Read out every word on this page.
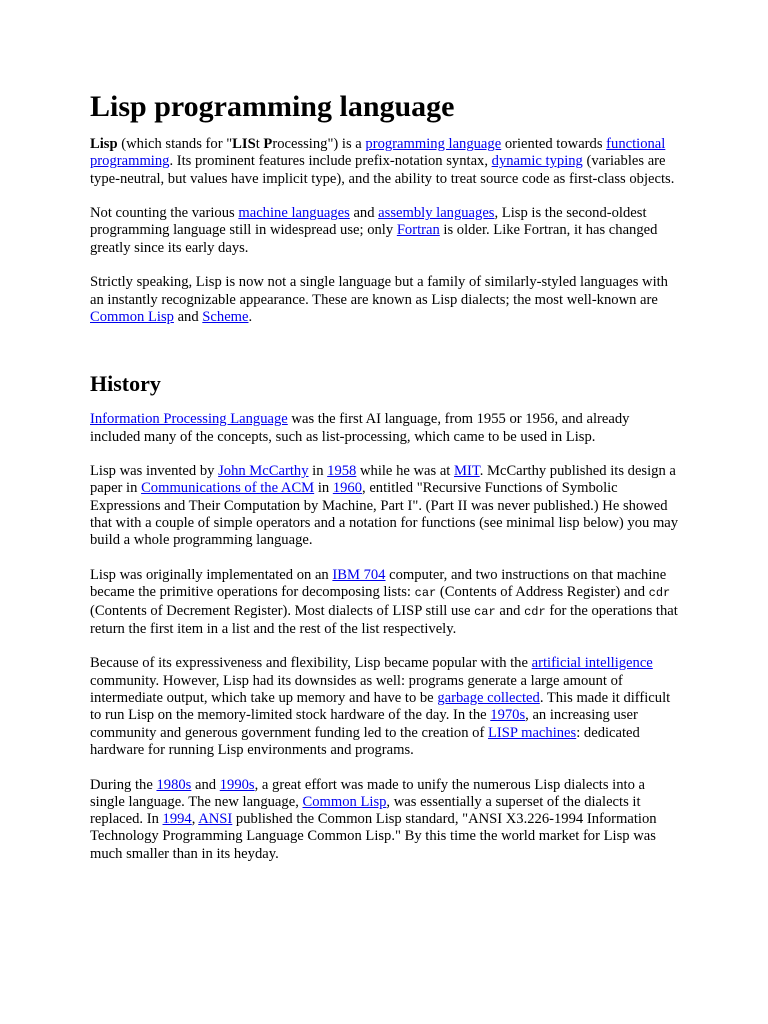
Lisp programming language

Lisp (which stands for "LISt Processing") is a programming language oriented towards functional programming. Its prominent features include prefix-notation syntax, dynamic typing (variables are type-neutral, but values have implicit type), and the ability to treat source code as first-class objects.

Not counting the various machine languages and assembly languages, Lisp is the second-oldest programming language still in widespread use; only Fortran is older. Like Fortran, it has changed greatly since its early days.

Strictly speaking, Lisp is now not a single language but a family of similarly-styled languages with an instantly recognizable appearance. These are known as Lisp dialects; the most well-known are Common Lisp and Scheme.

History

Information Processing Language was the first AI language, from 1955 or 1956, and already included many of the concepts, such as list-processing, which came to be used in Lisp.

Lisp was invented by John McCarthy in 1958 while he was at MIT. McCarthy published its design a paper in Communications of the ACM in 1960, entitled "Recursive Functions of Symbolic Expressions and Their Computation by Machine, Part I". (Part II was never published.) He showed that with a couple of simple operators and a notation for functions (see minimal lisp below) you may build a whole programming language.

Lisp was originally implementated on an IBM 704 computer, and two instructions on that machine became the primitive operations for decomposing lists: car (Contents of Address Register) and cdr (Contents of Decrement Register). Most dialects of LISP still use car and cdr for the operations that return the first item in a list and the rest of the list respectively.

Because of its expressiveness and flexibility, Lisp became popular with the artificial intelligence community. However, Lisp had its downsides as well: programs generate a large amount of intermediate output, which take up memory and have to be garbage collected. This made it difficult to run Lisp on the memory-limited stock hardware of the day. In the 1970s, an increasing user community and generous government funding led to the creation of LISP machines: dedicated hardware for running Lisp environments and programs.

During the 1980s and 1990s, a great effort was made to unify the numerous Lisp dialects into a single language. The new language, Common Lisp, was essentially a superset of the dialects it replaced. In 1994, ANSI published the Common Lisp standard, "ANSI X3.226-1994 Information Technology Programming Language Common Lisp." By this time the world market for Lisp was much smaller than in its heyday.
